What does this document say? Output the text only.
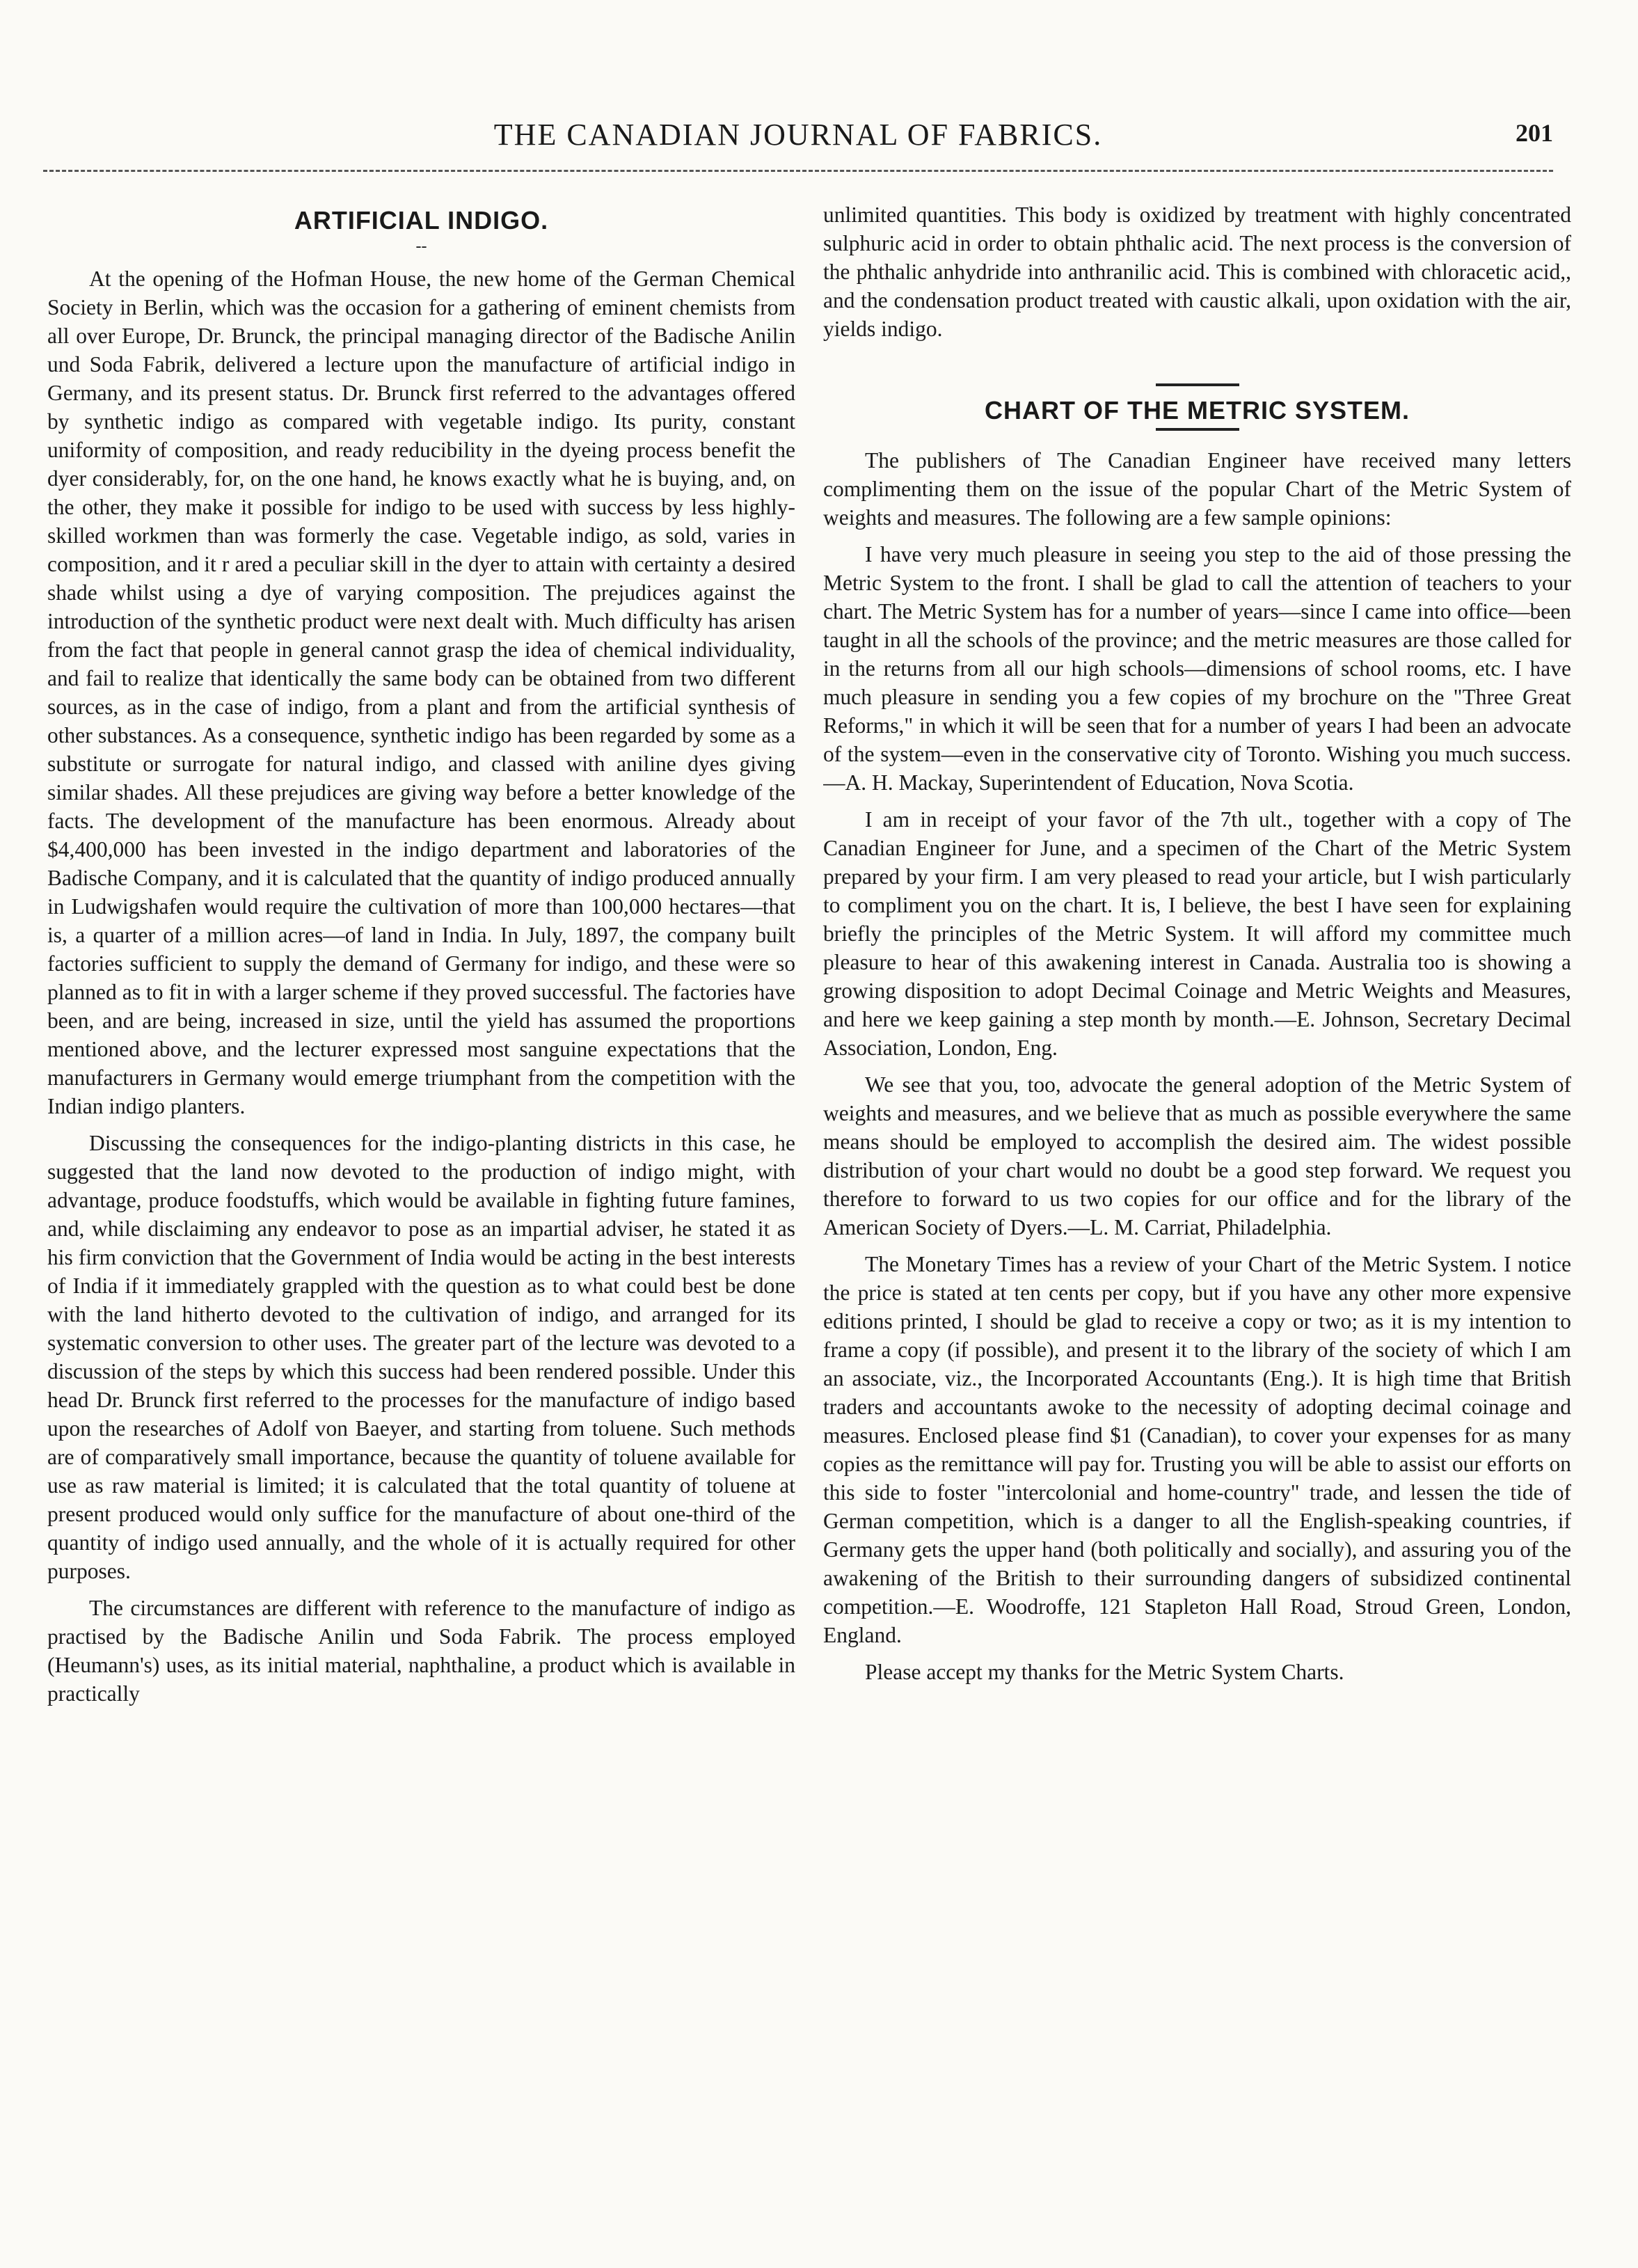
THE CANADIAN JOURNAL OF FABRICS.	201
ARTIFICIAL INDIGO.
--

At the opening of the Hofman House, the new home of the German Chemical Society in Berlin, which was the occasion for a gathering of eminent chemists from all over Europe, Dr. Brunck, the principal managing director of the Badische Anilin und Soda Fabrik, delivered a lecture upon the manufacture of artificial indigo in Germany, and its present status. Dr. Brunck first referred to the advantages offered by synthetic indigo as compared with vegetable indigo. Its purity, constant uniformity of composition, and ready reducibility in the dyeing process benefit the dyer considerably, for, on the one hand, he knows exactly what he is buying, and, on the other, they make it possible for indigo to be used with success by less highly-skilled workmen than was formerly the case. Vegetable indigo, as sold, varies in composition, and it r ared a peculiar skill in the dyer to attain with certainty a desired shade whilst using a dye of varying composition. The prejudices against the introduction of the synthetic product were next dealt with. Much difficulty has arisen from the fact that people in general cannot grasp the idea of chemical individuality, and fail to realize that identically the same body can be obtained from two different sources, as in the case of indigo, from a plant and from the artificial synthesis of other substances. As a consequence, synthetic indigo has been regarded by some as a substitute or surrogate for natural indigo, and classed with aniline dyes giving similar shades. All these prejudices are giving way before a better knowledge of the facts. The development of the manufacture has been enormous. Already about $4,400,000 has been invested in the indigo department and laboratories of the Badische Company, and it is calculated that the quantity of indigo produced annually in Ludwigshafen would require the cultivation of more than 100,000 hectares—that is, a quarter of a million acres—of land in India. In July, 1897, the company built factories sufficient to supply the demand of Germany for indigo, and these were so planned as to fit in with a larger scheme if they proved successful. The factories have been, and are being, increased in size, until the yield has assumed the proportions mentioned above, and the lecturer expressed most sanguine expectations that the manufacturers in Germany would emerge triumphant from the competition with the Indian indigo planters.

Discussing the consequences for the indigo-planting districts in this case, he suggested that the land now devoted to the production of indigo might, with advantage, produce foodstuffs, which would be available in fighting future famines, and, while disclaiming any endeavor to pose as an impartial adviser, he stated it as his firm conviction that the Government of India would be acting in the best interests of India if it immediately grappled with the question as to what could best be done with the land hitherto devoted to the cultivation of indigo, and arranged for its systematic conversion to other uses. The greater part of the lecture was devoted to a discussion of the steps by which this success had been rendered possible. Under this head Dr. Brunck first referred to the processes for the manufacture of indigo based upon the researches of Adolf von Baeyer, and starting from toluene. Such methods are of comparatively small importance, because the quantity of toluene available for use as raw material is limited; it is calculated that the total quantity of toluene at present produced would only suffice for the manufacture of about one-third of the quantity of indigo used annually, and the whole of it is actually required for other purposes.

The circumstances are different with reference to the manufacture of indigo as practised by the Badische Anilin und Soda Fabrik. The process employed (Heumann's) uses, as its initial material, naphthaline, a product which is available in practically

unlimited quantities. This body is oxidized by treatment with highly concentrated sulphuric acid in order to obtain phthalic acid. The next process is the conversion of the phthalic anhydride into anthranilic acid. This is combined with chloracetic acid,, and the condensation product treated with caustic alkali, upon oxidation with the air, yields indigo.

CHART OF THE METRIC SYSTEM.

The publishers of The Canadian Engineer have received many letters complimenting them on the issue of the popular Chart of the Metric System of weights and measures. The following are a few sample opinions:

I have very much pleasure in seeing you step to the aid of those pressing the Metric System to the front. I shall be glad to call the attention of teachers to your chart. The Metric System has for a number of years—since I came into office—been taught in all the schools of the province; and the metric measures are those called for in the returns from all our high schools—dimensions of school rooms, etc. I have much pleasure in sending you a few copies of my brochure on the "Three Great Reforms," in which it will be seen that for a number of years I had been an advocate of the system—even in the conservative city of Toronto. Wishing you much success.—A. H. Mackay, Superintendent of Education, Nova Scotia.

I am in receipt of your favor of the 7th ult., together with a copy of The Canadian Engineer for June, and a specimen of the Chart of the Metric System prepared by your firm. I am very pleased to read your article, but I wish particularly to compliment you on the chart. It is, I believe, the best I have seen for explaining briefly the principles of the Metric System. It will afford my committee much pleasure to hear of this awakening interest in Canada. Australia too is showing a growing disposition to adopt Decimal Coinage and Metric Weights and Measures, and here we keep gaining a step month by month.—E. Johnson, Secretary Decimal Association, London, Eng.

We see that you, too, advocate the general adoption of the Metric System of weights and measures, and we believe that as much as possible everywhere the same means should be employed to accomplish the desired aim. The widest possible distribution of your chart would no doubt be a good step forward. We request you therefore to forward to us two copies for our office and for the library of the American Society of Dyers.—L. M. Carriat, Philadelphia.

The Monetary Times has a review of your Chart of the Metric System. I notice the price is stated at ten cents per copy, but if you have any other more expensive editions printed, I should be glad to receive a copy or two; as it is my intention to frame a copy (if possible), and present it to the library of the society of which I am an associate, viz., the Incorporated Accountants (Eng.). It is high time that British traders and accountants awoke to the necessity of adopting decimal coinage and measures. Enclosed please find $1 (Canadian), to cover your expenses for as many copies as the remittance will pay for. Trusting you will be able to assist our efforts on this side to foster "intercolonial and home-country" trade, and lessen the tide of German competition, which is a danger to all the English-speaking countries, if Germany gets the upper hand (both politically and socially), and assuring you of the awakening of the British to their surrounding dangers of subsidized continental competition.—E. Woodroffe, 121 Stapleton Hall Road, Stroud Green, London, England.

Please accept my thanks for the Metric System Charts.
